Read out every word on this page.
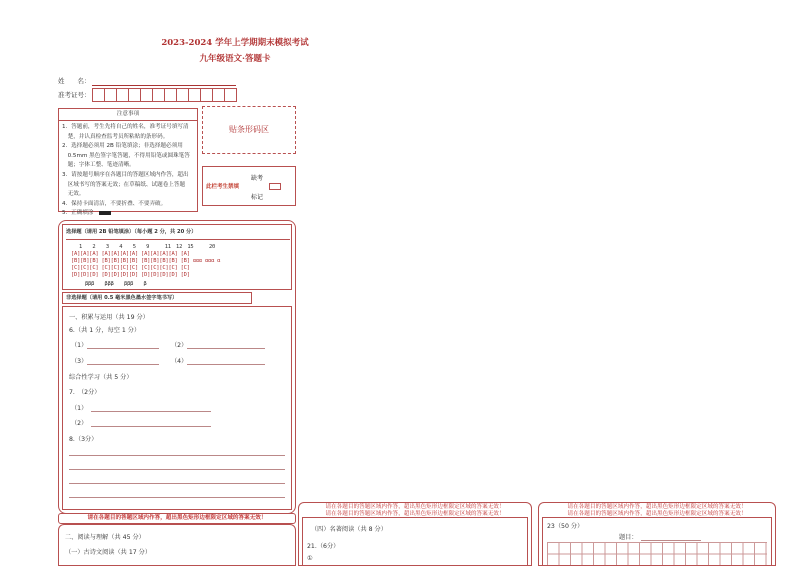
2023-2024 学年上学期期末模拟考试
九年级语文·答题卡
姓　　名：
准考证号：
注意事项
1．答题前，考生先将自己的姓名，准考证号填写清
　楚，并认真检查监考员所粘贴的条形码。
2．选择题必须用 2B 铅笔填涂；非选择题必须用
　0.5mm 黑色签字笔答题，不得用铅笔或圆珠笔答
　题；字体工整、笔迹清晰。
3．请按题号顺序在各题目的答题区域内作答，超出
　区域书写的答案无效；在草稿纸、试题卷上答题
　无效。
4．保持卡面清洁，不要折叠、不要弄破。
5．正确填涂
贴条形码区
缺考
此栏考生禁填
标记
选择题（请用 2B 铅笔填涂）（每小题 2 分，共 20 分）
1　　2　　3　　4　　5　　9　　　11　12　15　　　20
[A][A][A] [A][A][A][A] [A][A][A][A] [A]
[B][B][B] [B][B][B][B] [B][B][B][B] [B] ααα ααα α
[C][C][C] [C][C][C][C] [C][C][C][C] [C]
[D][D][D] [D][D][D][D] [D][D][D][D] [D]
βββ　　βββ　　βββ　　β
非选择题（请用 0.5 毫米黑色墨水签字笔书写）
一、积累与运用（共 19 分）
6.（共 1 分，每空 1 分）
（1）	（2）
（3）	（4）
综合性学习（共 5 分）
7.　（2分）
（1）
（2）
8.（3分）
请在各题目的答题区域内作答，超出黑色矩形边框限定区域的答案无效！
二、阅读与理解（共 45 分）
（一）古诗文阅读（共 17 分）
请在各题目的答题区域内作答，超出黑色矩形边框限定区域的答案无效！
请在各题目的答题区域内作答，超出黑色矩形边框限定区域的答案无效！
（四）名著阅读（共 8 分）
21.（6分）
①
请在各题目的答题区域内作答，超出黑色矩形边框限定区域的答案无效！
请在各题目的答题区域内作答，超出黑色矩形边框限定区域的答案无效！
23（50 分）
题目：
